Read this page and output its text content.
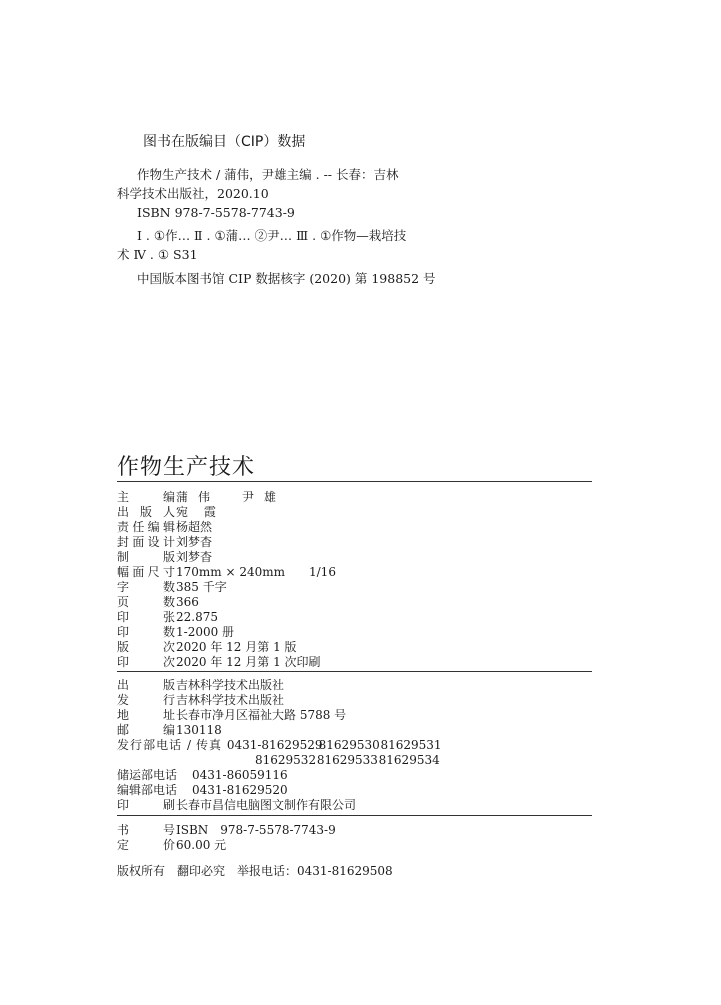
图书在版编目（CIP）数据
作物生产技术 / 蒲伟，尹雄主编 . -- 长春：吉林
科学技术出版社，2020.10
ISBN 978-7-5578-7743-9
Ⅰ . ①作… Ⅱ . ①蒲… ②尹… Ⅲ . ①作物—栽培技
术 Ⅳ . ① S31
中国版本图书馆 CIP 数据核字 (2020) 第 198852 号
作物生产技术
主　　编蒲伟　尹雄
出 版 人宛 霞
责任编辑杨超然
封面设计刘梦杳
制　　版刘梦杳
幅面尺寸170mm × 240mm　　1/16
字　　数385 千字
页　　数366
印　　张22.875
印　　数1-2000 册
版　　次2020 年 12 月第 1 版
印　　次2020 年 12 月第 1 次印刷
出　　版吉林科学技术出版社
发　　行吉林科学技术出版社
地　　址长春市净月区福祉大路 5788 号
邮　　编130118
发行部电话 / 传真 0431-81629529 81629530 81629531
81629532 81629533 81629534
储运部电话 0431-86059116
编辑部电话 0431-81629520
印　　刷长春市昌信电脑图文制作有限公司
书　　号ISBN　978-7-5578-7743-9
定　　价60.00 元
版权所有　翻印必究　举报电话：0431-81629508
